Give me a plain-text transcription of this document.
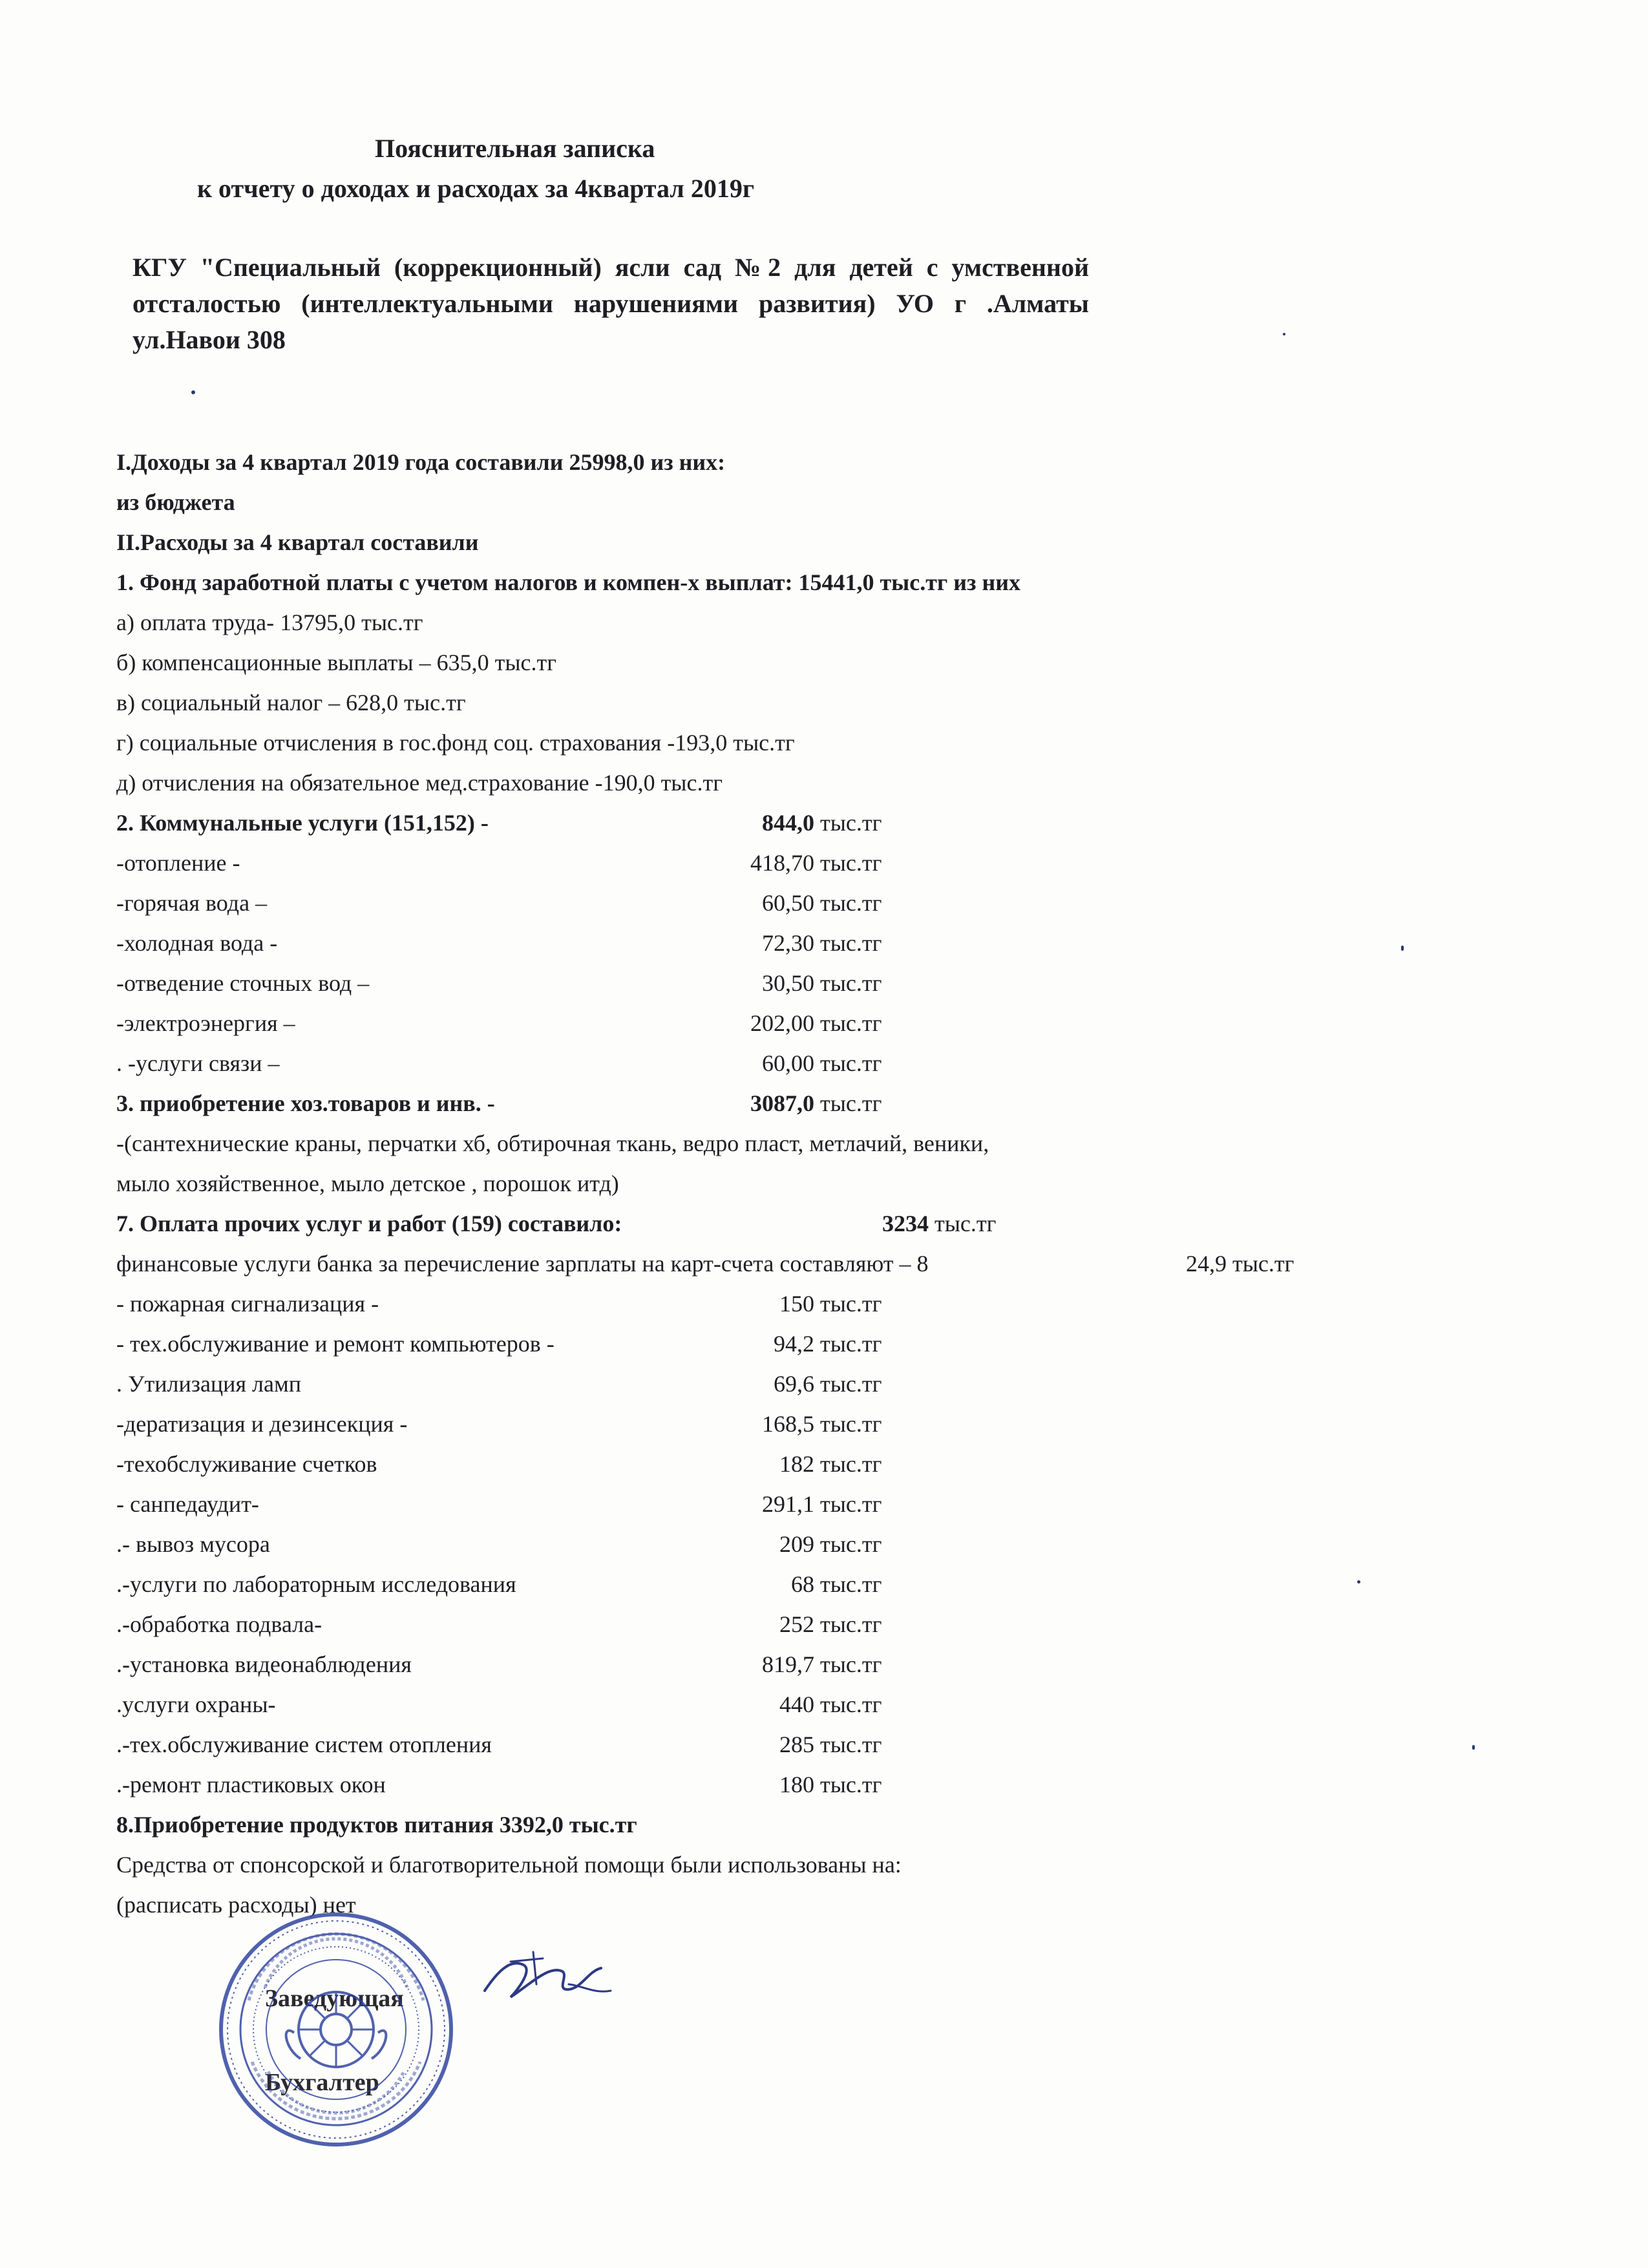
Пояснительная записка
к отчету о доходах и расходах за 4квартал 2019г
КГУ "Специальный (коррекционный) ясли сад №2 для детей с умственной отсталостью (интеллектуальными нарушениями развития) УО г .Алматы ул.Навои 308
I.Доходы за 4 квартал 2019 года составили 25998,0 из них:
из бюджета
II.Расходы за 4 квартал составили
1. Фонд заработной платы с учетом налогов и компен-х выплат: 15441,0 тыс.тг из них
а) оплата труда- 13795,0 тыс.тг
б) компенсационные выплаты – 635,0 тыс.тг
в) социальный налог – 628,0 тыс.тг
г) социальные отчисления в гос.фонд соц. страхования -193,0 тыс.тг
д) отчисления на обязательное мед.страхование -190,0 тыс.тг
2. Коммунальные услуги (151,152) -	844,0 тыс.тг
-отопление -	418,70 тыс.тг
-горячая вода –	60,50 тыс.тг
-холодная вода -	72,30 тыс.тг
-отведение сточных вод –	30,50 тыс.тг
-электроэнергия –	202,00 тыс.тг
. -услуги связи –	60,00 тыс.тг
3. приобретение хоз.товаров и инв. -	3087,0 тыс.тг
-(сантехнические краны, перчатки хб, обтирочная ткань, ведро пласт, метлачий, веники,
мыло хозяйственное, мыло детское , порошок итд)
7. Оплата прочих услуг и работ (159) составило:	3234 тыс.тг
финансовые услуги банка за перечисление зарплаты на карт-счета составляют – 8	24,9 тыс.тг
- пожарная сигнализация -	150 тыс.тг
- тех.обслуживание и ремонт компьютеров -	94,2 тыс.тг
. Утилизация ламп	69,6 тыс.тг
-дератизация и дезинсекция -	168,5 тыс.тг
-техобслуживание счетков	182 тыс.тг
- санпедаудит-	291,1 тыс.тг
.- вывоз мусора	209 тыс.тг
.-услуги по лабораторным исследования	68 тыс.тг
.-обработка подвала-	252 тыс.тг
.-установка видеонаблюдения	819,7 тыс.тг
.услуги охраны-	440 тыс.тг
.-тех.обслуживание систем отопления	285 тыс.тг
.-ремонт пластиковых окон	180 тыс.тг
8.Приобретение продуктов питания 3392,0 тыс.тг
Средства от спонсорской и благотворительной помощи были использованы на:
(расписать расходы) нет
Заведующая
Бухгалтер
